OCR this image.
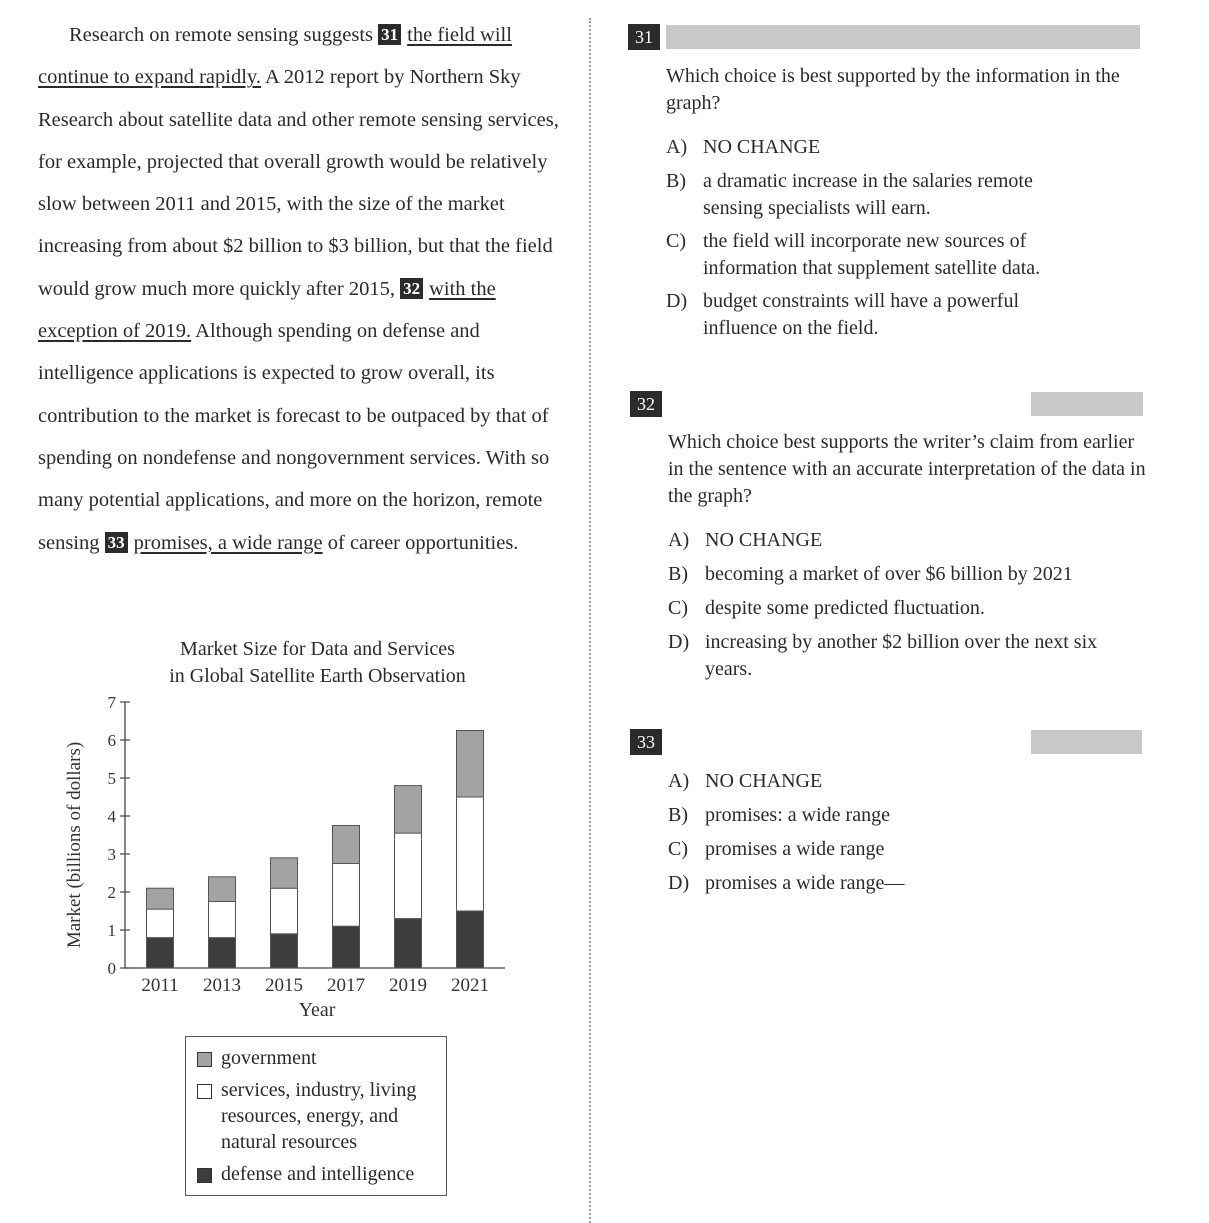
Research on remote sensing suggests 31 the field will continue to expand rapidly. A 2012 report by Northern Sky Research about satellite data and other remote sensing services, for example, projected that overall growth would be relatively slow between 2011 and 2015, with the size of the market increasing from about $2 billion to $3 billion, but that the field would grow much more quickly after 2015, 32 with the exception of 2019. Although spending on defense and intelligence applications is expected to grow overall, its contribution to the market is forecast to be outpaced by that of spending on nondefense and nongovernment services. With so many potential applications, and more on the horizon, remote sensing 33 promises, a wide range of career opportunities.

Market Size for Data and Services
in Global Satellite Earth Observation
0
1
2
3
4
5
6
7
2011 2013 2015 2017 2019 2021
Year
Market (billions of dollars)
government
services, industry, living resources, energy, and natural resources
defense and intelligence
31
Which choice is best supported by the information in the graph?
A) NO CHANGE
B) a dramatic increase in the salaries remote sensing specialists will earn.
C) the field will incorporate new sources of information that supplement satellite data.
D) budget constraints will have a powerful influence on the field.
32
Which choice best supports the writer’s claim from earlier in the sentence with an accurate interpretation of the data in the graph?
A) NO CHANGE
B) becoming a market of over $6 billion by 2021
C) despite some predicted fluctuation.
D) increasing by another $2 billion over the next six years.
33
A) NO CHANGE
B) promises: a wide range
C) promises a wide range
D) promises a wide range—
